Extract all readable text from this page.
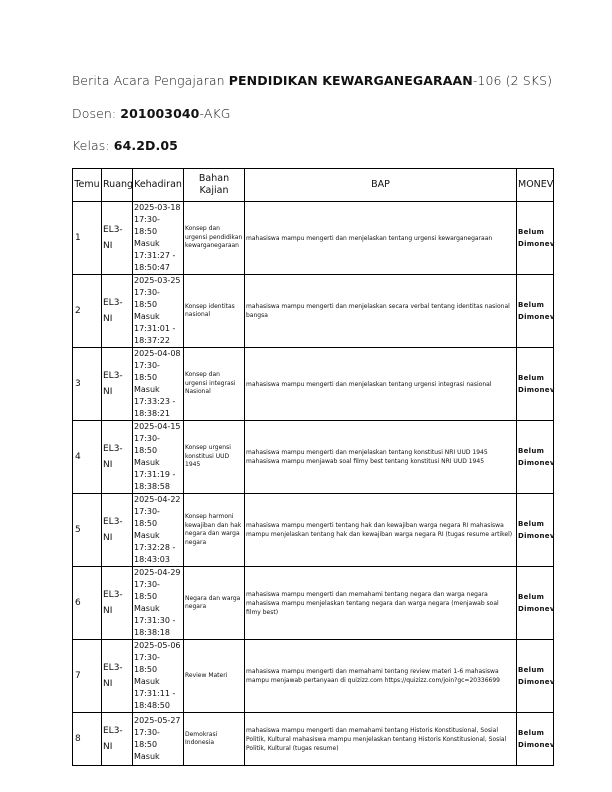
Berita Acara Pengajaran PENDIDIKAN KEWARGANEGARAAN-106 (2 SKS)
Dosen: 201003040-AKG
Kelas: 64.2D.05
Temu	Ruang	Kehadiran	Bahan Kajian	BAP	MONEV
1	EL3-NI	2025-03-18
17:30-18:50
Masuk
17:31:27 - 18:50:47	Konsep dan urgensi pendidikan kewarganegaraan	mahasiswa mampu mengerti dan menjelaskan tentang urgensi kewarganegaraan	Belum Dimonev
2	EL3-NI	2025-03-25
17:30-18:50
Masuk
17:31:01 - 18:37:22	Konsep identitas nasional	mahasiswa mampu mengerti dan menjelaskan secara verbal tentang identitas nasional bangsa	Belum Dimonev
3	EL3-NI	2025-04-08
17:30-18:50
Masuk
17:33:23 - 18:38:21	Konsep dan urgensi integrasi Nasional	mahasiswa mampu mengerti dan menjelaskan tentang urgensi integrasi nasional	Belum Dimonev
4	EL3-NI	2025-04-15
17:30-18:50
Masuk
17:31:19 - 18:38:58	Konsep urgensi konstitusi UUD 1945	mahasiswa mampu mengerti dan menjelaskan tentang konstitusi NRI UUD 1945 mahasiswa mampu menjawab soal filmy best tentang konstitusi NRI UUD 1945	Belum Dimonev
5	EL3-NI	2025-04-22
17:30-18:50
Masuk
17:32:28 - 18:43:03	Konsep harmoni kewajiban dan hak negara dan warga negara	mahasiswa mampu mengerti tentang hak dan kewajiban warga negara RI mahasiswa mampu menjelaskan tentang hak dan kewajiban warga negara RI (tugas resume artikel)	Belum Dimonev
6	EL3-NI	2025-04-29
17:30-18:50
Masuk
17:31:30 - 18:38:18	Negara dan warga negara	mahasiswa mampu mengerti dan memahami tentang negara dan warga negara mahasiswa mampu menjelaskan tentang negara dan warga negara (menjawab soal filmy best)	Belum Dimonev
7	EL3-NI	2025-05-06
17:30-18:50
Masuk
17:31:11 - 18:48:50	Review Materi	mahasiswa mampu mengerti dan memahami tentang review materi 1-6 mahasiswa mampu menjawab pertanyaan di quizizz.com https://quizizz.com/join?gc=20336699	Belum Dimonev
8	EL3-NI	2025-05-27
17:30-18:50
Masuk	Demokrasi Indonesia	mahasiswa mampu mengerti dan memahami tentang Historis Konstitusional, Sosial Politik, Kultural mahasiswa mampu menjelaskan tentang Historis Konstitusional, Sosial Politik, Kultural (tugas resume)	Belum Dimonev
